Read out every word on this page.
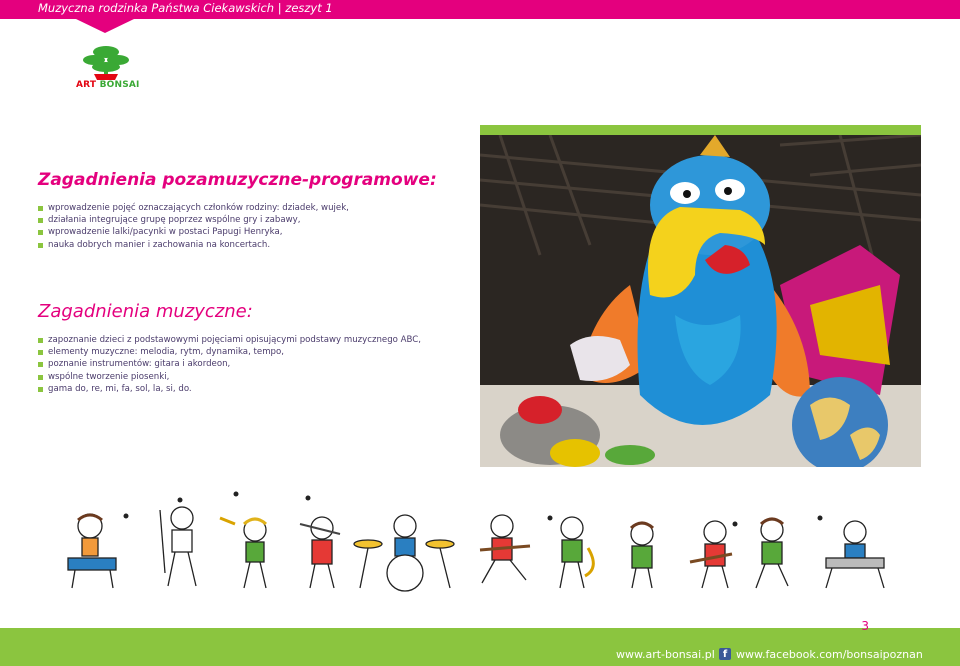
Muzyczna rodzinka Państwa Ciekawskich | zeszyt 1
ART BONSAI
Zagadnienia pozamuzyczne-programowe:
wprowadzenie pojęć oznaczających członków rodziny: dziadek, wujek,
działania integrujące grupę poprzez wspólne gry i zabawy,
wprowadzenie lalki/pacynki w postaci Papugi Henryka,
nauka dobrych manier i zachowania na koncertach.
Zagadnienia muzyczne:
zapoznanie dzieci z podstawowymi pojęciami opisującymi podstawy muzycznego ABC,
elementy muzyczne: melodia, rytm, dynamika, tempo,
poznanie instrumentów: gitara i akordeon,
wspólne tworzenie piosenki,
gama do, re, mi, fa, sol, la, si, do.
3
www.art-bonsai.pl f www.facebook.com/bonsaipoznan
